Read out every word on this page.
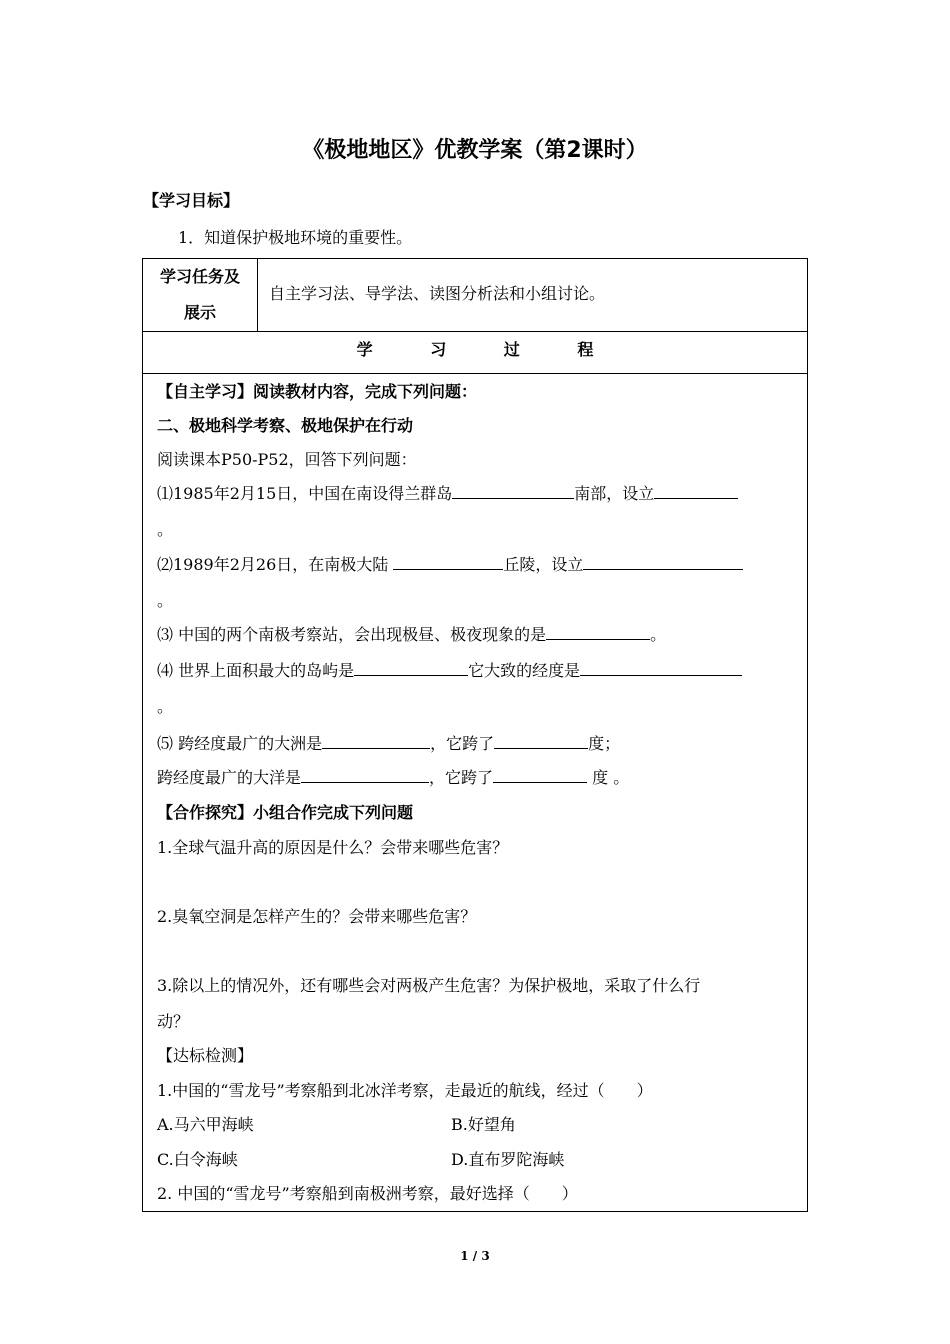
《极地地区》优教学案（第2课时）
【学习目标】
1．知道保护极地环境的重要性。
学习任务及
展示
自主学习法、导学法、读图分析法和小组讨论。
学	习	过	程
【自主学习】阅读教材内容，完成下列问题：
二、极地科学考察、极地保护在行动
阅读课本P50-P52，回答下列问题：
⑴1985年2月15日，中国在南设得兰群岛	南部，设立
。
⑵1989年2月26日，在南极大陆	丘陵，设立
。
⑶ 中国的两个南极考察站，会出现极昼、极夜现象的是	。
⑷ 世界上面积最大的岛屿是	它大致的经度是
。
⑸ 跨经度最广的大洲是	，它跨了	度；
跨经度最广的大洋是	，它跨了	度 。
【合作探究】小组合作完成下列问题
1.全球气温升高的原因是什么？会带来哪些危害？
2.臭氧空洞是怎样产生的？会带来哪些危害？
3.除以上的情况外，还有哪些会对两极产生危害？为保护极地，采取了什么行
动？
【达标检测】
1.中国的“雪龙号”考察船到北冰洋考察，走最近的航线，经过（　　）
A.马六甲海峡	B.好望角
C.白令海峡	D.直布罗陀海峡
2. 中国的“雪龙号”考察船到南极洲考察，最好选择（　　）
1 / 3
